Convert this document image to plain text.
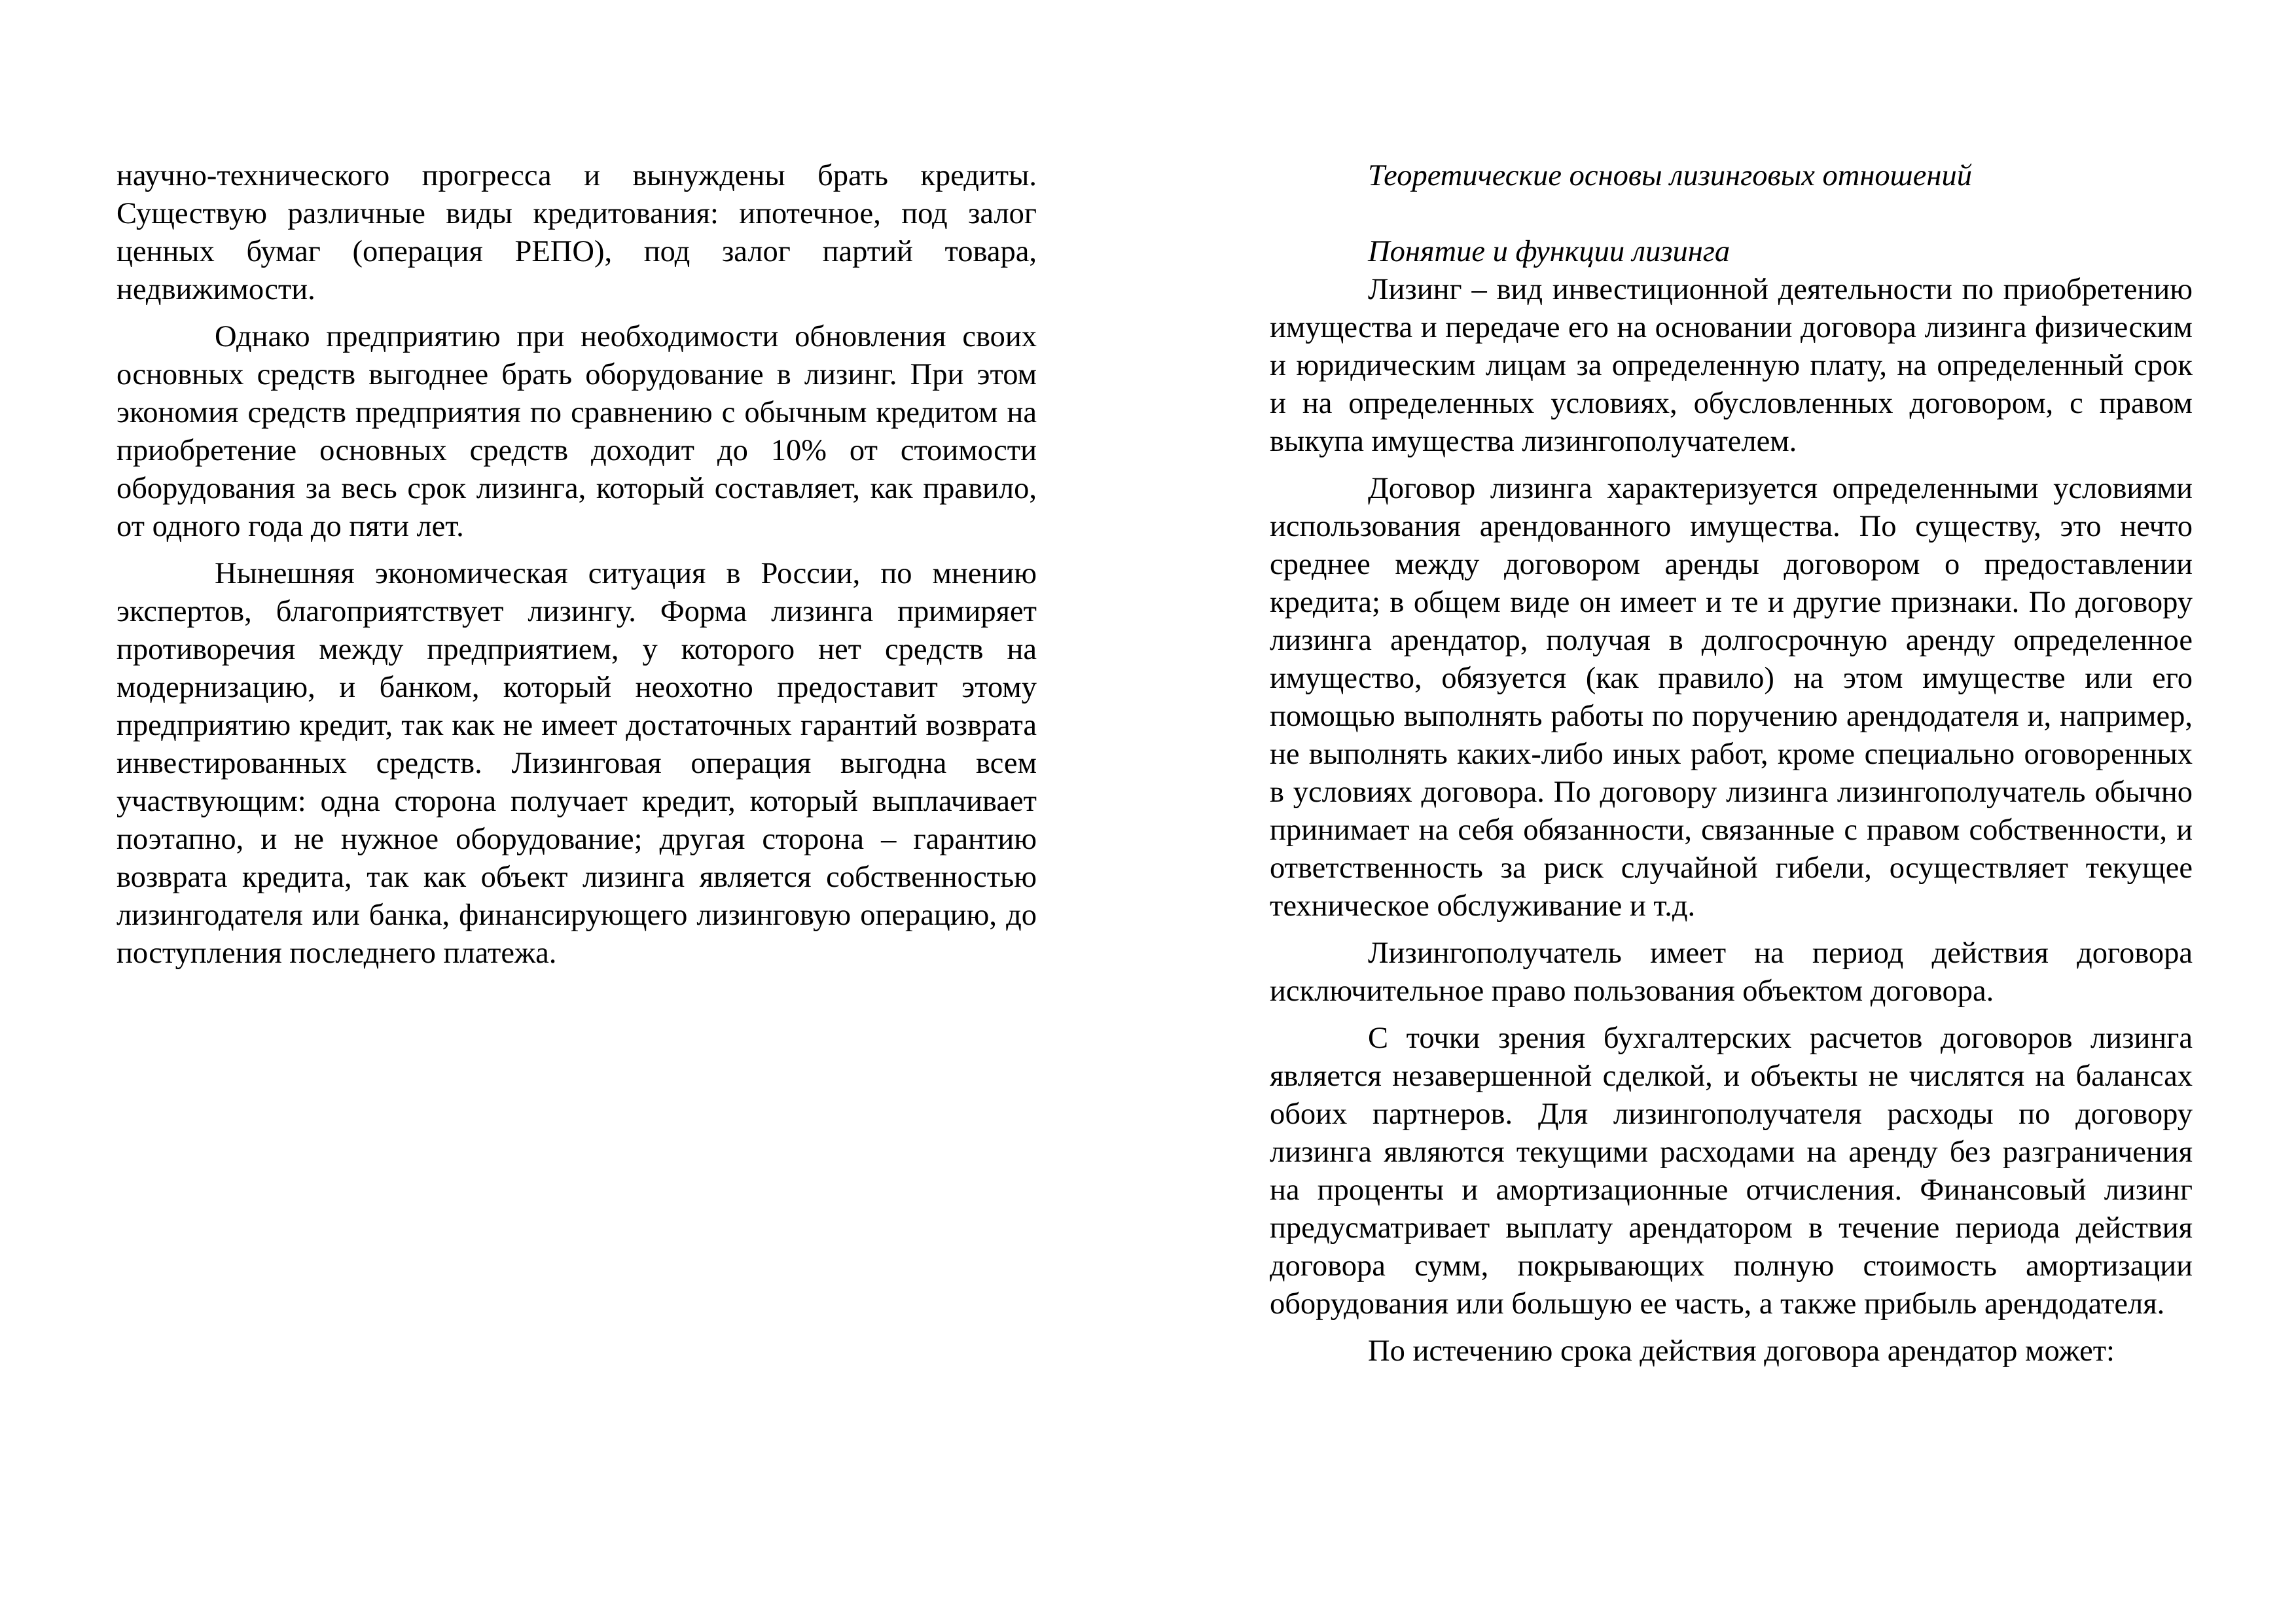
научно-технического прогресса и вынуждены брать кредиты. Существую различные виды кредитования: ипотечное, под залог ценных бумаг (операция РЕПО), под залог партий товара, недвижимости.

Однако предприятию при необходимости обновления своих основных средств выгоднее брать оборудование в лизинг. При этом экономия средств предприятия по сравнению с обычным кредитом на приобретение основных средств доходит до 10% от стоимости оборудования за весь срок лизинга, который составляет, как правило, от одного года до пяти лет.

Нынешняя экономическая ситуация в России, по мнению экспертов, благоприятствует лизингу. Форма лизинга примиряет противоречия между предприятием, у которого нет средств на модернизацию, и банком, который неохотно предоставит этому предприятию кредит, так как не имеет достаточных гарантий возврата инвестированных средств. Лизинговая операция выгодна всем участвующим: одна сторона получает кредит, который выплачивает поэтапно, и не нужное оборудование; другая сторона – гарантию возврата кредита, так как объект лизинга является собственностью лизингодателя или банка, финансирующего лизинговую операцию, до поступления последнего платежа.

Теоретические основы лизинговых отношений

Понятие и функции лизинга

Лизинг – вид инвестиционной деятельности по приобретению имущества и передаче его на основании договора лизинга физическим и юридическим лицам за определенную плату, на определенный срок и на определенных условиях, обусловленных договором, с правом выкупа имущества лизингополучателем.

Договор лизинга характеризуется определенными условиями использования арендованного имущества. По существу, это нечто среднее между договором аренды договором о предоставлении кредита; в общем виде он имеет и те и другие признаки. По договору лизинга арендатор, получая в долгосрочную аренду определенное имущество, обязуется (как правило) на этом имуществе или его помощью выполнять работы по поручению арендодателя и, например, не выполнять каких-либо иных работ, кроме специально оговоренных в условиях договора. По договору лизинга лизингополучатель обычно принимает на себя обязанности, связанные с правом собственности, и ответственность за риск случайной гибели, осуществляет текущее техническое обслуживание и т.д.

Лизингополучатель имеет на период действия договора исключительное право пользования объектом договора.

С точки зрения бухгалтерских расчетов договоров лизинга является незавершенной сделкой, и объекты не числятся на балансах обоих партнеров. Для лизингополучателя расходы по договору лизинга являются текущими расходами на аренду без разграничения на проценты и амортизационные отчисления. Финансовый лизинг предусматривает выплату арендатором в течение периода действия договора сумм, покрывающих полную стоимость амортизации оборудования или большую ее часть, а также прибыль арендодателя.

По истечению срока действия договора арендатор может:
